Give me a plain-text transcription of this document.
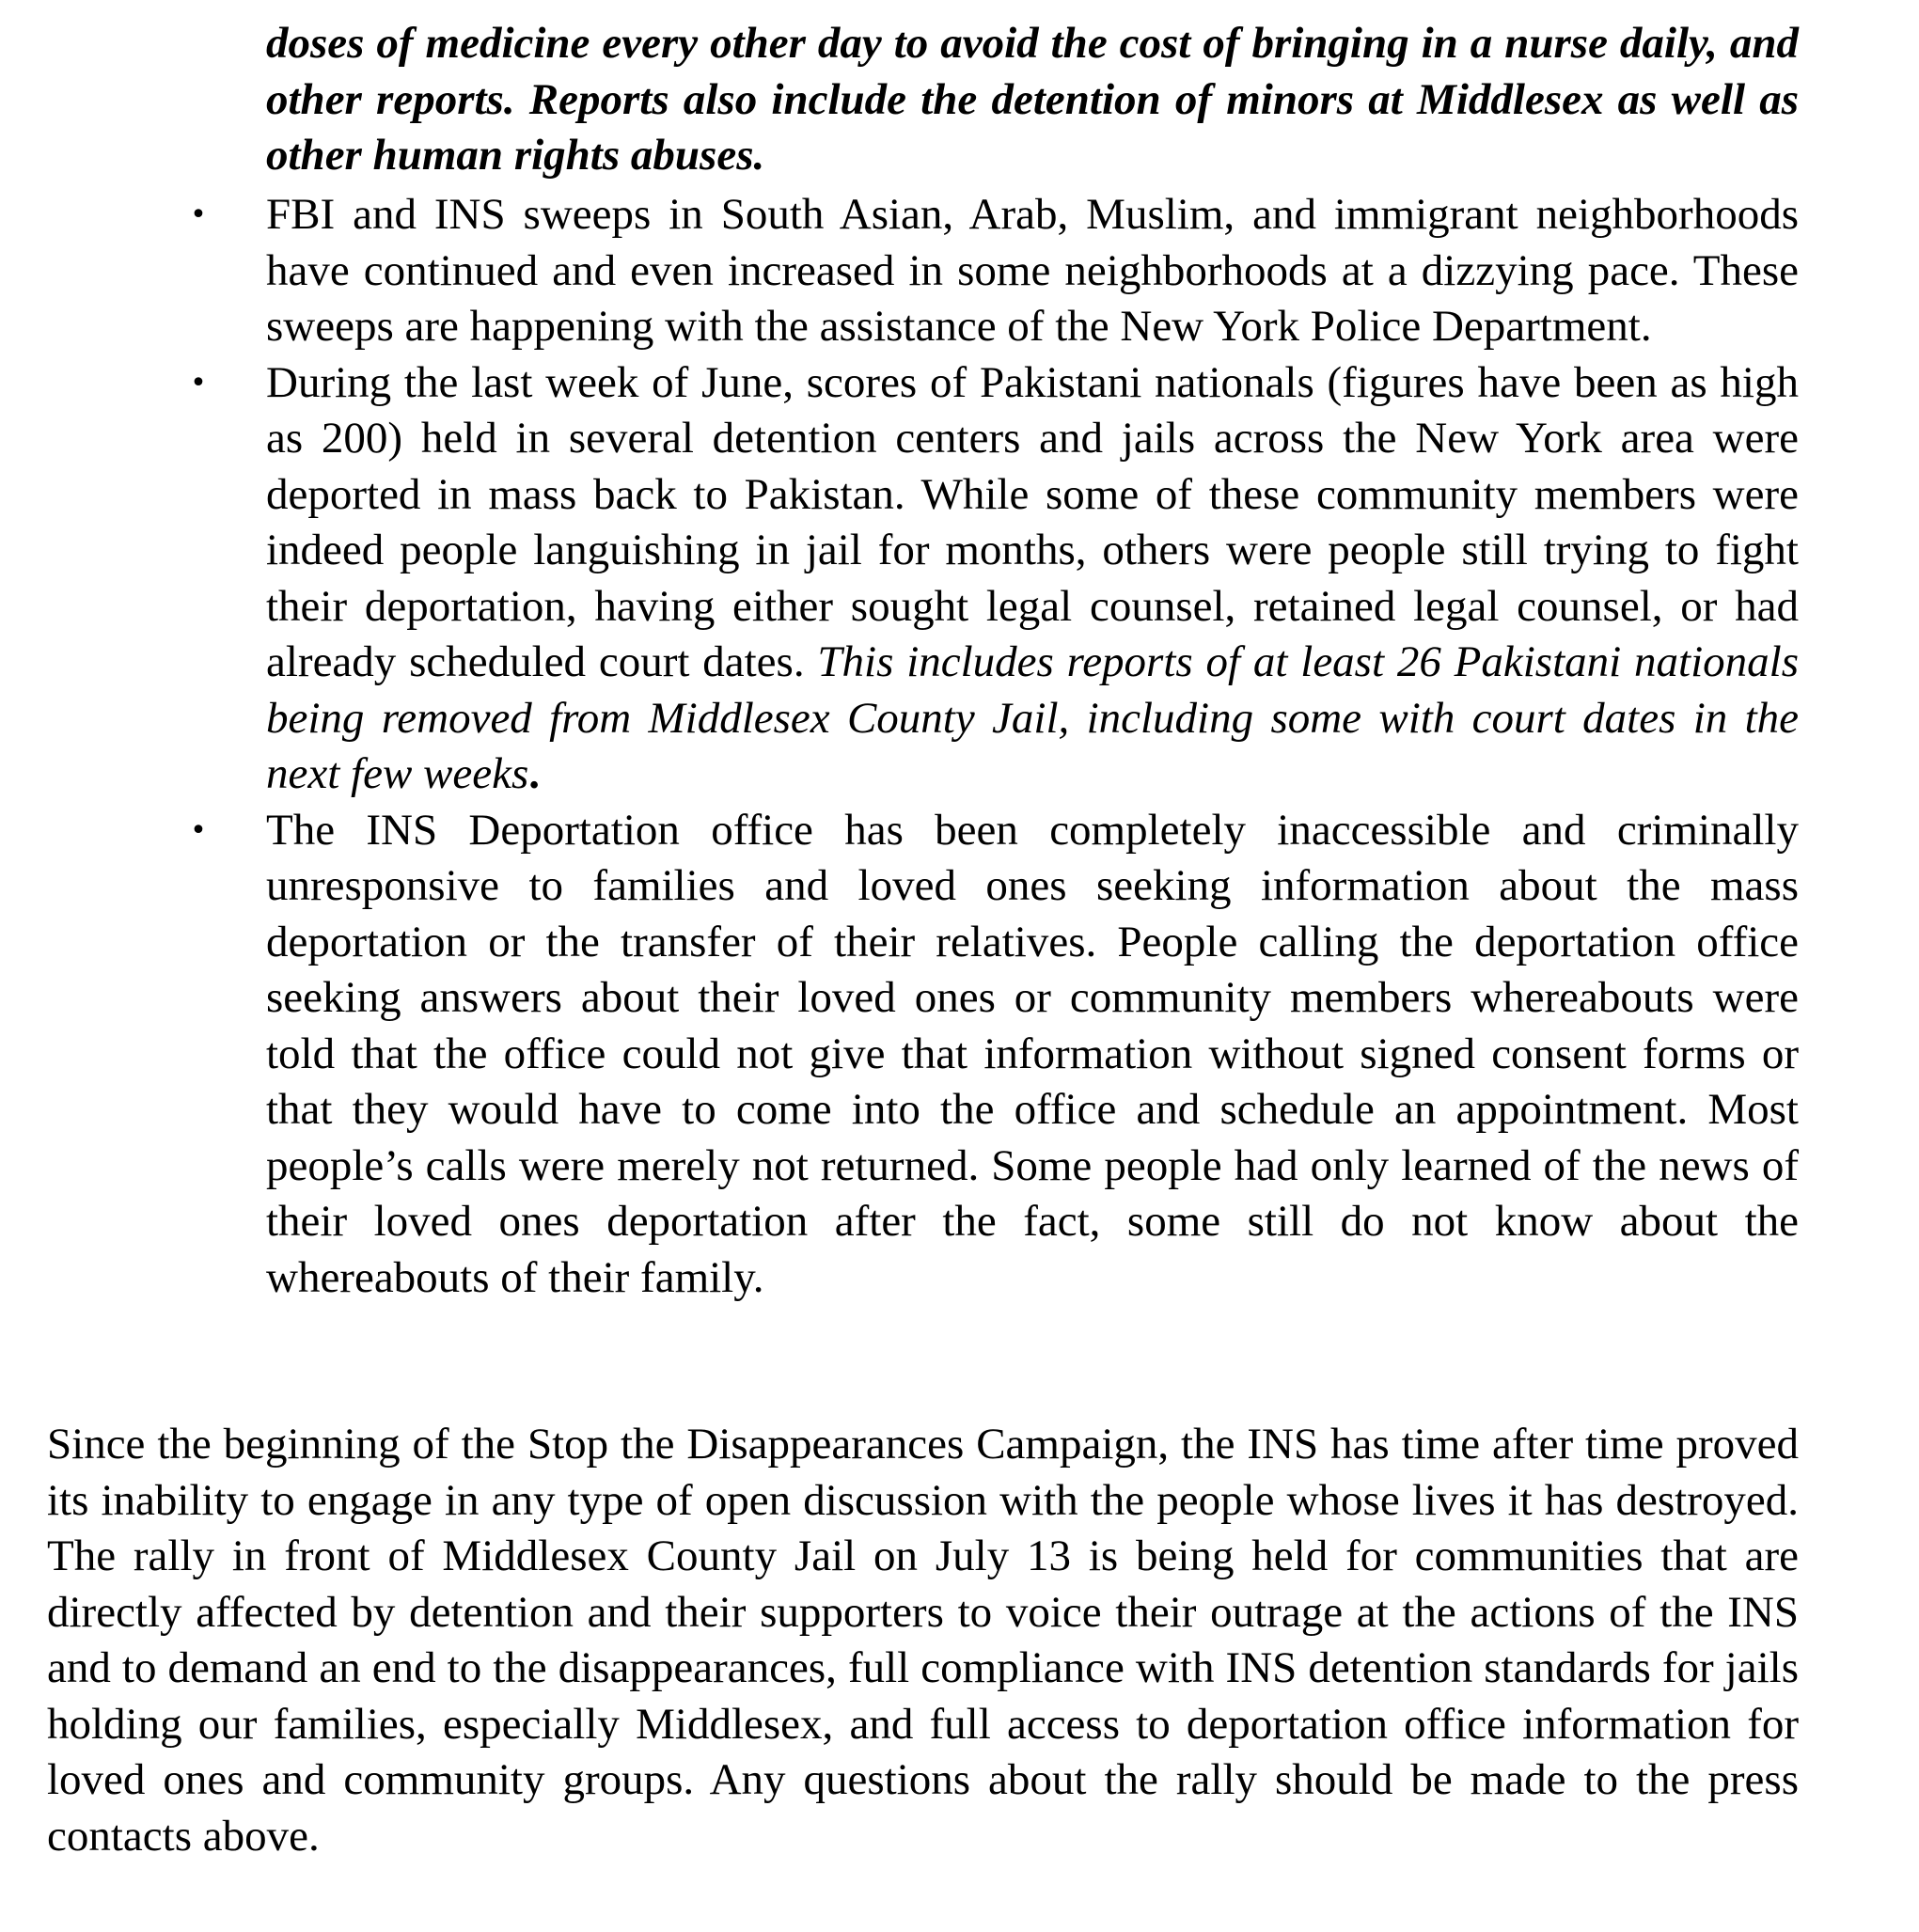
doses of medicine every other day to avoid the cost of bringing in a nurse daily, and other reports. Reports also include the detention of minors at Middlesex as well as other human rights abuses.

• FBI and INS sweeps in South Asian, Arab, Muslim, and immigrant neighborhoods have continued and even increased in some neighborhoods at a dizzying pace. These sweeps are happening with the assistance of the New York Police Department.
• During the last week of June, scores of Pakistani nationals (figures have been as high as 200) held in several detention centers and jails across the New York area were deported in mass back to Pakistan. While some of these community members were indeed people languishing in jail for months, others were people still trying to fight their deportation, having either sought legal counsel, retained legal counsel, or had already scheduled court dates. This includes reports of at least 26 Pakistani nationals being removed from Middlesex County Jail, including some with court dates in the next few weeks.
• The INS Deportation office has been completely inaccessible and criminally unresponsive to families and loved ones seeking information about the mass deportation or the transfer of their relatives. People calling the deportation office seeking answers about their loved ones or community members whereabouts were told that the office could not give that information without signed consent forms or that they would have to come into the office and schedule an appointment. Most people’s calls were merely not returned. Some people had only learned of the news of their loved ones deportation after the fact, some still do not know about the whereabouts of their family.

Since the beginning of the Stop the Disappearances Campaign, the INS has time after time proved its inability to engage in any type of open discussion with the people whose lives it has destroyed. The rally in front of Middlesex County Jail on July 13 is being held for communities that are directly affected by detention and their supporters to voice their outrage at the actions of the INS and to demand an end to the disappearances, full compliance with INS detention standards for jails holding our families, especially Middlesex, and full access to deportation office information for loved ones and community groups. Any questions about the rally should be made to the press contacts above.
